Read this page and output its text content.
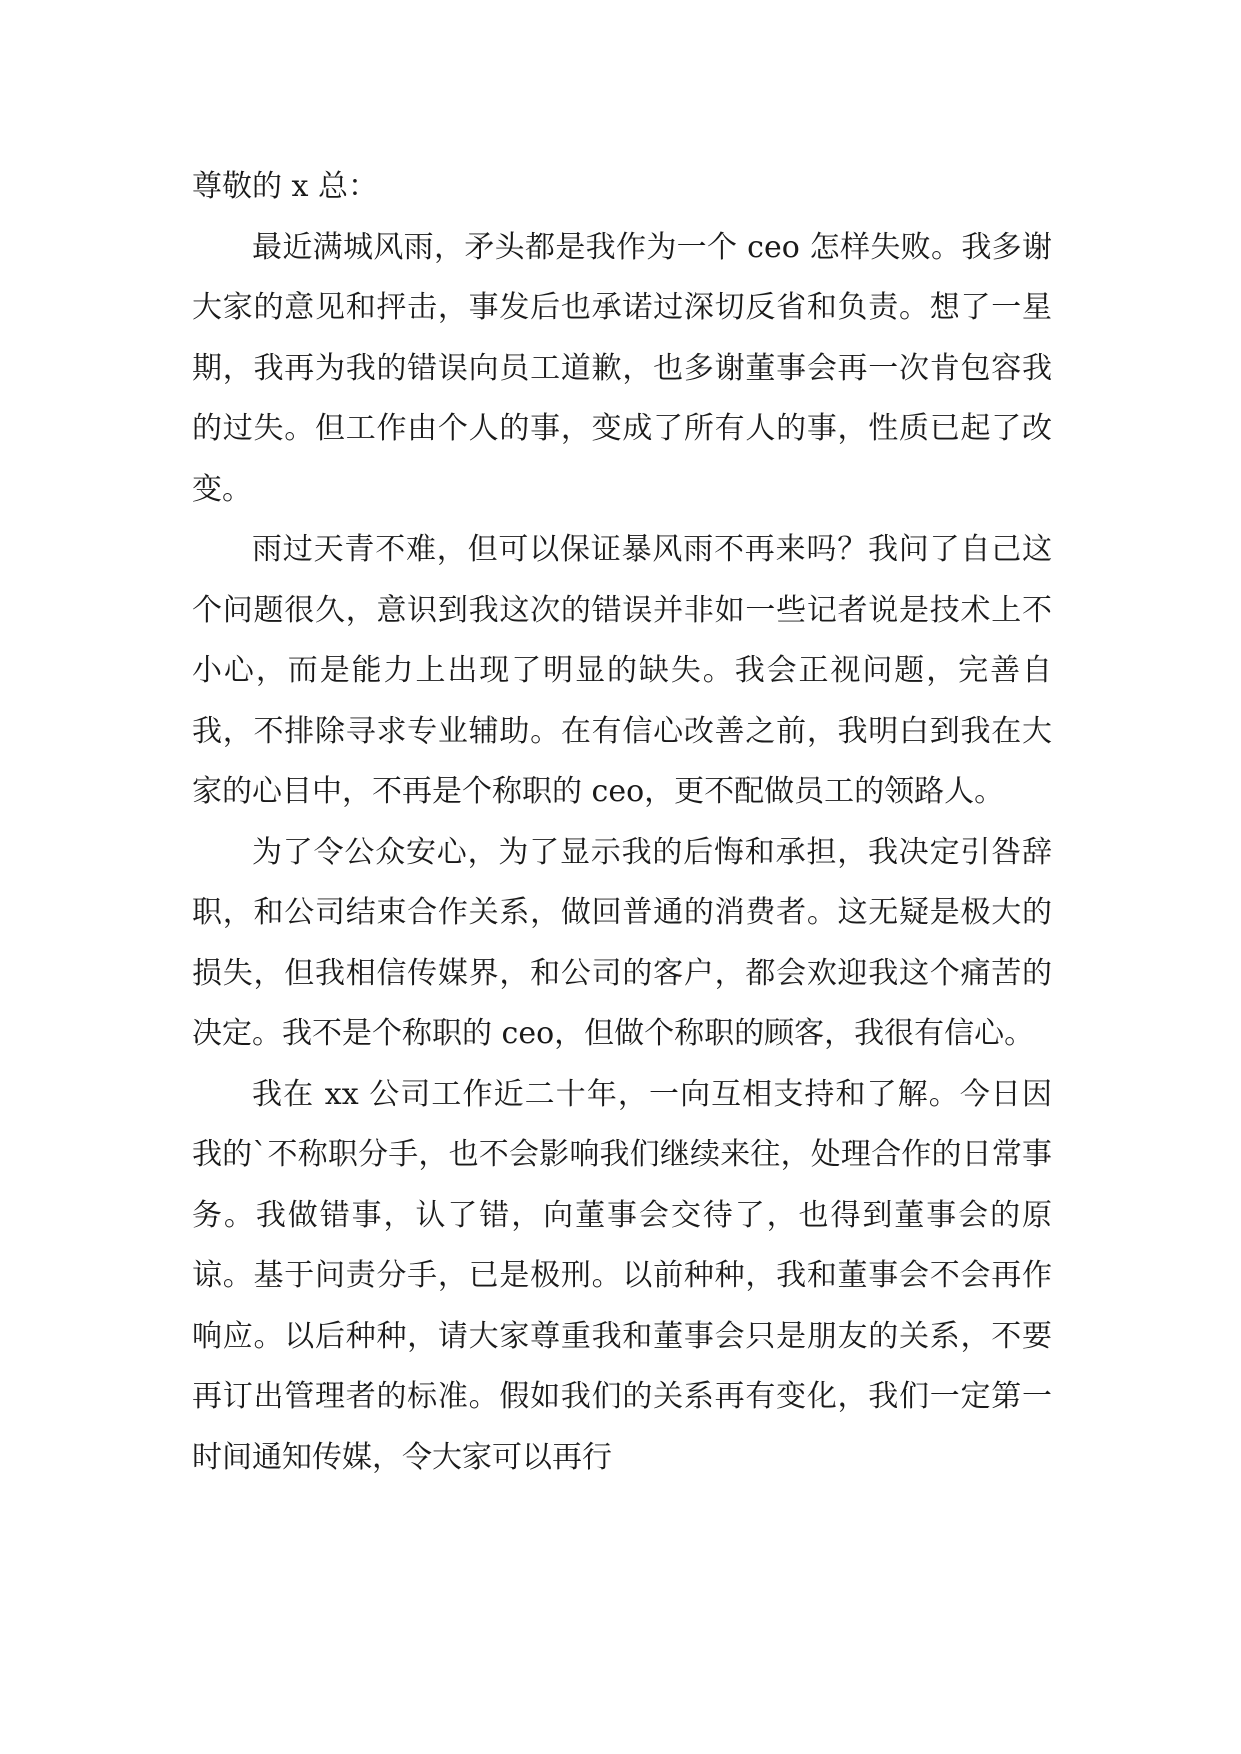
尊敬的 x 总：

最近满城风雨，矛头都是我作为一个 ceo 怎样失败。我多谢大家的意见和抨击，事发后也承诺过深切反省和负责。想了一星期，我再为我的错误向员工道歉，也多谢董事会再一次肯包容我的过失。但工作由个人的事，变成了所有人的事，性质已起了改变。

雨过天青不难，但可以保证暴风雨不再来吗？我问了自己这个问题很久，意识到我这次的错误并非如一些记者说是技术上不小心，而是能力上出现了明显的缺失。我会正视问题，完善自我，不排除寻求专业辅助。在有信心改善之前，我明白到我在大家的心目中，不再是个称职的 ceo，更不配做员工的领路人。

为了令公众安心，为了显示我的后悔和承担，我决定引咎辞职，和公司结束合作关系，做回普通的消费者。这无疑是极大的损失，但我相信传媒界，和公司的客户，都会欢迎我这个痛苦的决定。我不是个称职的 ceo，但做个称职的顾客，我很有信心。

我在 xx 公司工作近二十年，一向互相支持和了解。今日因我的`不称职分手，也不会影响我们继续来往，处理合作的日常事务。我做错事，认了错，向董事会交待了，也得到董事会的原谅。基于问责分手，已是极刑。以前种种，我和董事会不会再作响应。以后种种，请大家尊重我和董事会只是朋友的关系，不要再订出管理者的标准。假如我们的关系再有变化，我们一定第一时间通知传媒，令大家可以再行
